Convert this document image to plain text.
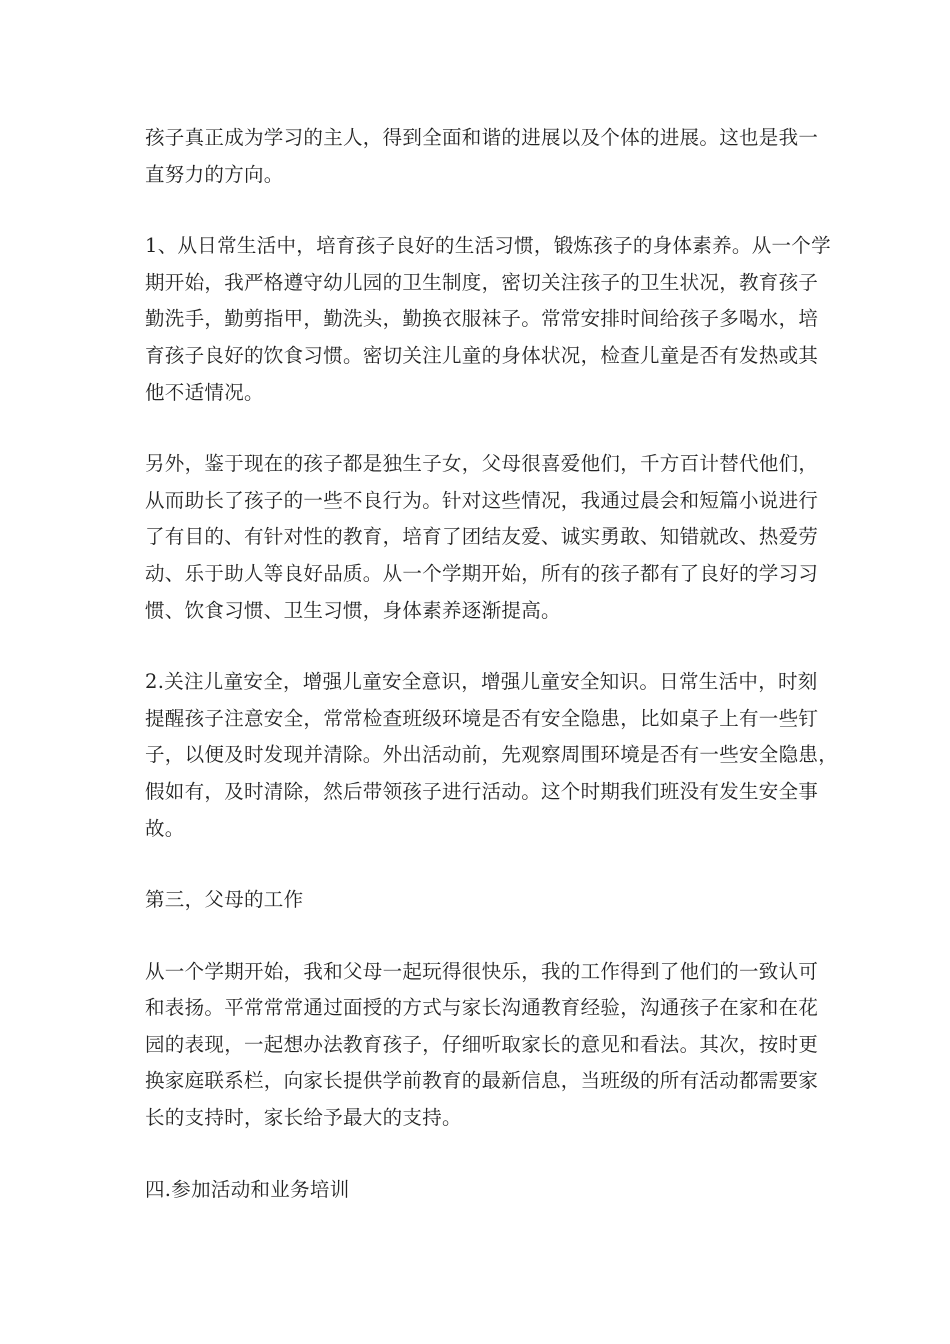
孩子真正成为学习的主人，得到全面和谐的进展以及个体的进展。这也是我一
直努力的方向。

1、从日常生活中，培育孩子良好的生活习惯，锻炼孩子的身体素养。从一个学
期开始，我严格遵守幼儿园的卫生制度，密切关注孩子的卫生状况，教育孩子
勤洗手，勤剪指甲，勤洗头，勤换衣服袜子。常常安排时间给孩子多喝水，培
育孩子良好的饮食习惯。密切关注儿童的身体状况，检查儿童是否有发热或其
他不适情况。

另外，鉴于现在的孩子都是独生子女，父母很喜爱他们，千方百计替代他们，
从而助长了孩子的一些不良行为。针对这些情况，我通过晨会和短篇小说进行
了有目的、有针对性的教育，培育了团结友爱、诚实勇敢、知错就改、热爱劳
动、乐于助人等良好品质。从一个学期开始，所有的孩子都有了良好的学习习
惯、饮食习惯、卫生习惯，身体素养逐渐提高。

2.关注儿童安全，增强儿童安全意识，增强儿童安全知识。日常生活中，时刻
提醒孩子注意安全，常常检查班级环境是否有安全隐患，比如桌子上有一些钉
子，以便及时发现并清除。外出活动前，先观察周围环境是否有一些安全隐患，
假如有，及时清除，然后带领孩子进行活动。这个时期我们班没有发生安全事
故。

第三，父母的工作

从一个学期开始，我和父母一起玩得很快乐，我的工作得到了他们的一致认可
和表扬。平常常常通过面授的方式与家长沟通教育经验，沟通孩子在家和在花
园的表现，一起想办法教育孩子，仔细听取家长的意见和看法。其次，按时更
换家庭联系栏，向家长提供学前教育的最新信息，当班级的所有活动都需要家
长的支持时，家长给予最大的支持。

四.参加活动和业务培训
